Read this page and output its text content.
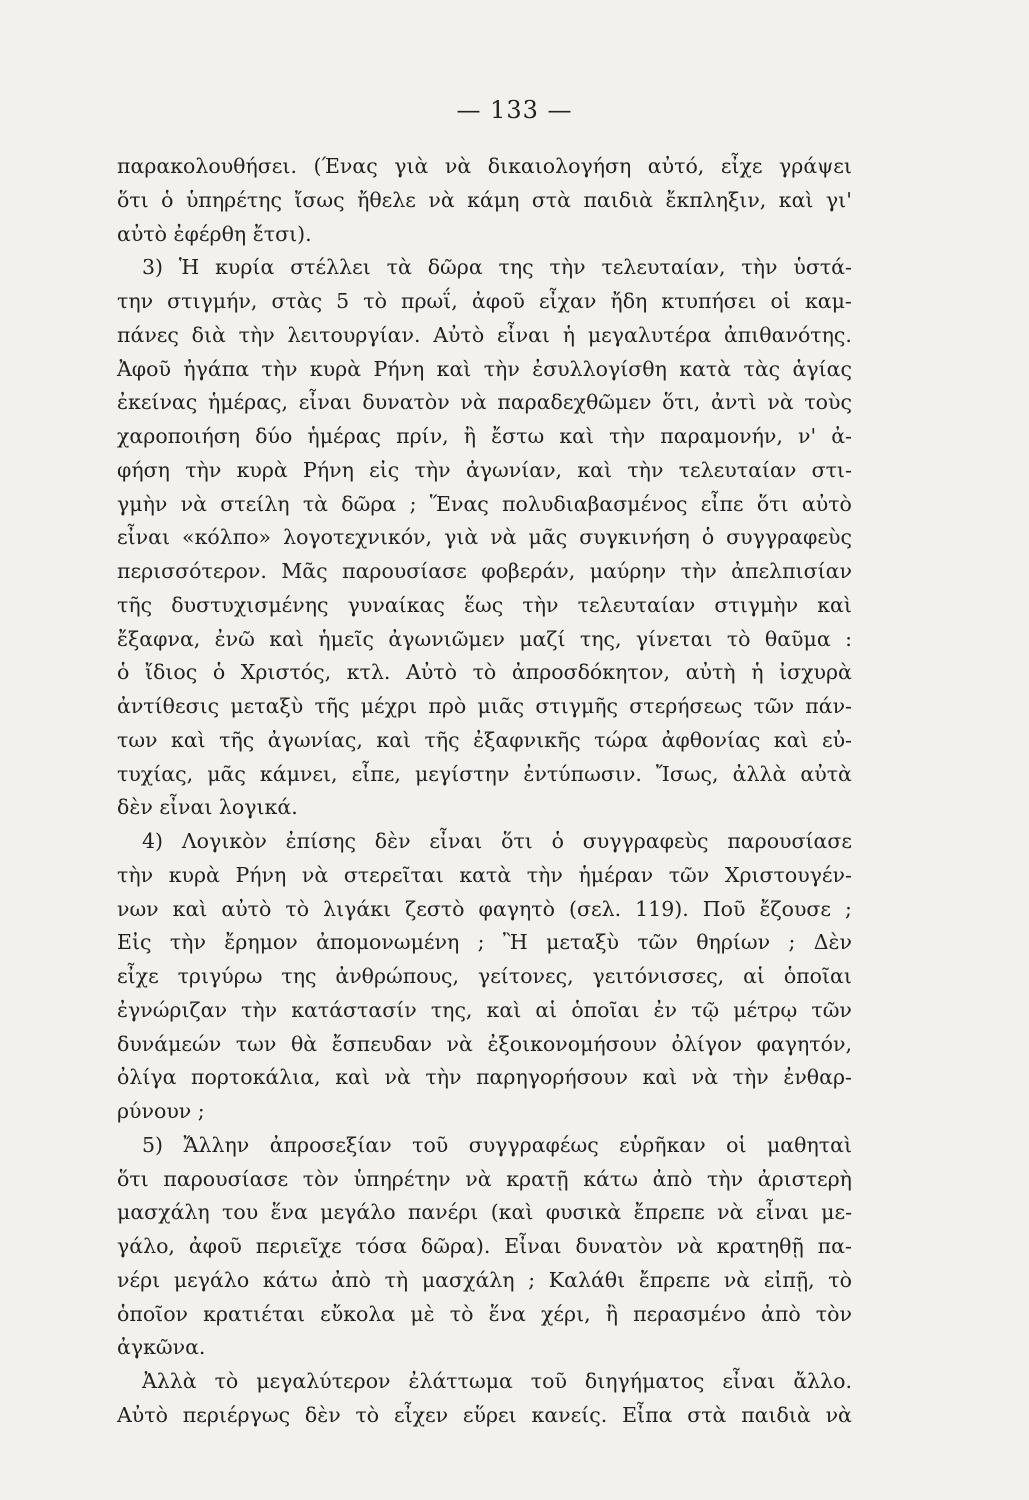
— 133 —
παρακολουθήσει. (Ένας γιὰ νὰ δικαιολογήση αὐτό, εἶχε γράψει
ὅτι ὁ ὑπηρέτης ἴσως ἤθελε νὰ κάμη στὰ παιδιὰ ἔκπληξιν, καὶ γι'
αὐτὸ ἐφέρθη ἔτσι).
3) Ἡ κυρία στέλλει τὰ δῶρα της τὴν τελευταίαν, τὴν ὑστά-
την στιγμήν, στὰς 5 τὸ πρωΐ, ἀφοῦ εἶχαν ἤδη κτυπήσει οἱ καμ-
πάνες διὰ τὴν λειτουργίαν. Αὐτὸ εἶναι ἡ μεγαλυτέρα ἀπιθανότης.
Ἀφοῦ ἠγάπα τὴν κυρὰ Ρήνη καὶ τὴν ἐσυλλογίσθη κατὰ τὰς ἁγίας
ἐκείνας ἡμέρας, εἶναι δυνατὸν νὰ παραδεχθῶμεν ὅτι, ἀντὶ νὰ τοὺς
χαροποιήση δύο ἡμέρας πρίν, ἢ ἔστω καὶ τὴν παραμονήν, ν' ἀ-
φήση τὴν κυρὰ Ρήνη εἰς τὴν ἀγωνίαν, καὶ τὴν τελευταίαν στι-
γμὴν νὰ στείλη τὰ δῶρα ; Ἕνας πολυδιαβασμένος εἶπε ὅτι αὐτὸ
εἶναι «κόλπο» λογοτεχνικόν, γιὰ νὰ μᾶς συγκινήση ὁ συγγραφεὺς
περισσότερον. Μᾶς παρουσίασε φοβεράν, μαύρην τὴν ἀπελπισίαν
τῆς δυστυχισμένης γυναίκας ἕως τὴν τελευταίαν στιγμὴν καὶ
ἔξαφνα, ἐνῶ καὶ ἡμεῖς ἀγωνιῶμεν μαζί της, γίνεται τὸ θαῦμα :
ὁ ἴδιος ὁ Χριστός, κτλ. Αὐτὸ τὸ ἀπροσδόκητον, αὐτὴ ἡ ἰσχυρὰ
ἀντίθεσις μεταξὺ τῆς μέχρι πρὸ μιᾶς στιγμῆς στερήσεως τῶν πάν-
των καὶ τῆς ἀγωνίας, καὶ τῆς ἐξαφνικῆς τώρα ἀφθονίας καὶ εὐ-
τυχίας, μᾶς κάμνει, εἶπε, μεγίστην ἐντύπωσιν. Ἴσως, ἀλλὰ αὐτὰ
δὲν εἶναι λογικά.
4) Λογικὸν ἐπίσης δὲν εἶναι ὅτι ὁ συγγραφεὺς παρουσίασε
τὴν κυρὰ Ρήνη νὰ στερεῖται κατὰ τὴν ἡμέραν τῶν Χριστουγέν-
νων καὶ αὐτὸ τὸ λιγάκι ζεστὸ φαγητὸ (σελ. 119). Ποῦ ἔζουσε ;
Εἰς τὴν ἔρημον ἀπομονωμένη ; Ἢ μεταξὺ τῶν θηρίων ; Δὲν
εἶχε τριγύρω της ἀνθρώπους, γείτονες, γειτόνισσες, αἱ ὁποῖαι
ἐγνώριζαν τὴν κατάστασίν της, καὶ αἱ ὁποῖαι ἐν τῷ μέτρῳ τῶν
δυνάμεών των θὰ ἔσπευδαν νὰ ἐξοικονομήσουν ὀλίγον φαγητόν,
ὀλίγα πορτοκάλια, καὶ νὰ τὴν παρηγορήσουν καὶ νὰ τὴν ἐνθαρ-
ρύνουν ;
5) Ἄλλην ἀπροσεξίαν τοῦ συγγραφέως εὑρῆκαν οἱ μαθηταὶ
ὅτι παρουσίασε τὸν ὑπηρέτην νὰ κρατῇ κάτω ἀπὸ τὴν ἀριστερὴ
μασχάλη του ἕνα μεγάλο πανέρι (καὶ φυσικὰ ἔπρεπε νὰ εἶναι με-
γάλο, ἀφοῦ περιεῖχε τόσα δῶρα). Εἶναι δυνατὸν νὰ κρατηθῇ πα-
νέρι μεγάλο κάτω ἀπὸ τὴ μασχάλη ; Καλάθι ἔπρεπε νὰ εἰπῇ, τὸ
ὁποῖον κρατιέται εὔκολα μὲ τὸ ἕνα χέρι, ἢ περασμένο ἀπὸ τὸν
ἀγκῶνα.
Ἀλλὰ τὸ μεγαλύτερον ἐλάττωμα τοῦ διηγήματος εἶναι ἄλλο.
Αὐτὸ περιέργως δὲν τὸ εἶχεν εὕρει κανείς. Εἶπα στὰ παιδιὰ νὰ
